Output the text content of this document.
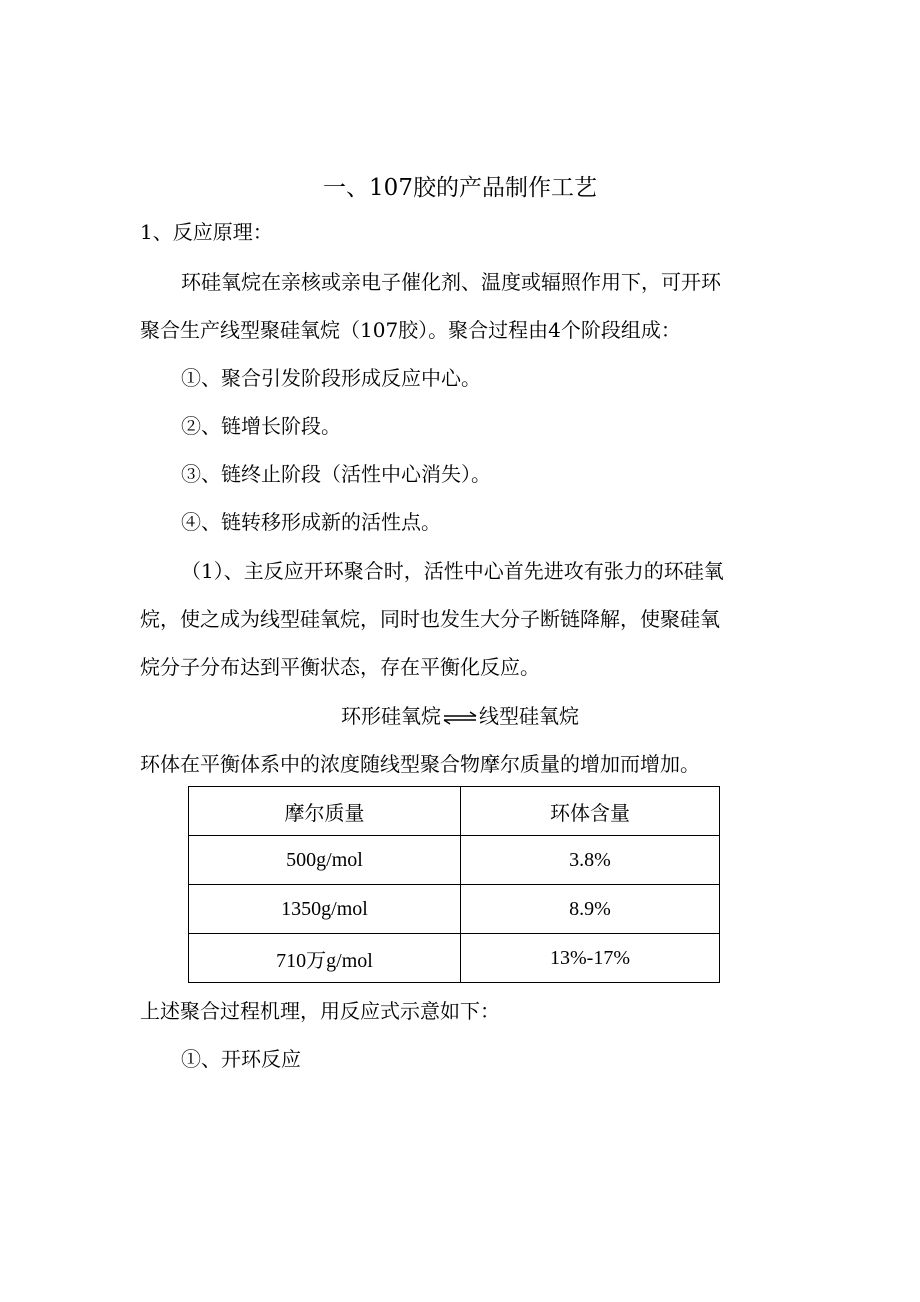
一、107胶的产品制作工艺
1、反应原理：
环硅氧烷在亲核或亲电子催化剂、温度或辐照作用下，可开环
聚合生产线型聚硅氧烷（107胶）。聚合过程由4个阶段组成：
①、聚合引发阶段形成反应中心。
②、链增长阶段。
③、链终止阶段（活性中心消失）。
④、链转移形成新的活性点。
（1）、主反应开环聚合时，活性中心首先进攻有张力的环硅氧
烷，使之成为线型硅氧烷，同时也发生大分子断链降解，使聚硅氧
烷分子分布达到平衡状态，存在平衡化反应。
环形硅氧烷⇌线型硅氧烷
环体在平衡体系中的浓度随线型聚合物摩尔质量的增加而增加。
摩尔质量	环体含量
500g/mol	3.8%
1350g/mol	8.9%
710万g/mol	13%-17%
上述聚合过程机理，用反应式示意如下：
①、开环反应
